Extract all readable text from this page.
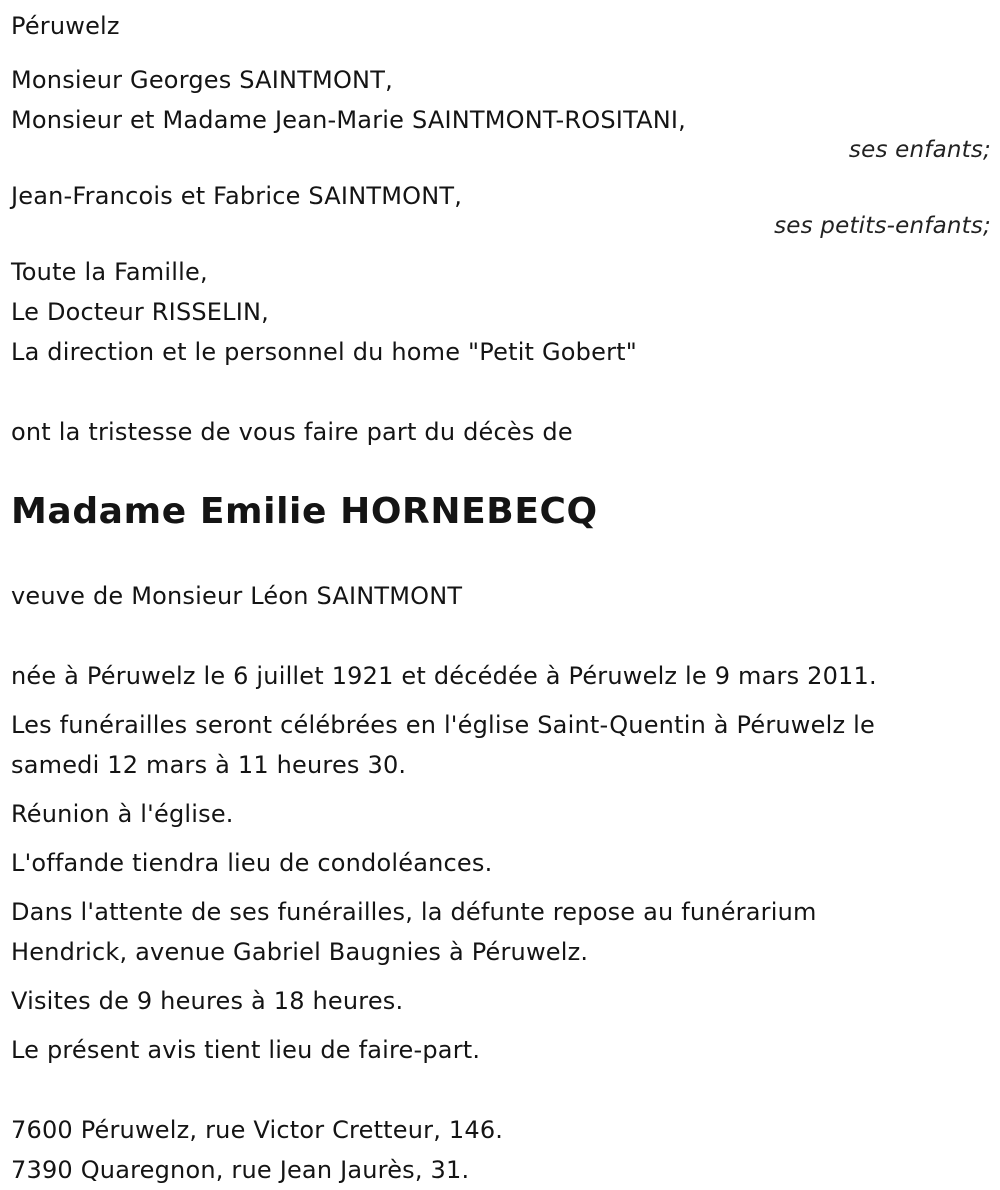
Péruwelz
Monsieur Georges SAINTMONT,
Monsieur et Madame Jean-Marie SAINTMONT-ROSITANI,
ses enfants;
Jean-Francois et Fabrice SAINTMONT,
ses petits-enfants;
Toute la Famille,
Le Docteur RISSELIN,
La direction et le personnel du home "Petit Gobert"
ont la tristesse de vous faire part du décès de
Madame Emilie HORNEBECQ
veuve de Monsieur Léon SAINTMONT
née à Péruwelz le 6 juillet 1921 et décédée à Péruwelz le 9 mars 2011.
Les funérailles seront célébrées en l'église Saint-Quentin à Péruwelz le samedi 12 mars à 11 heures 30.
Réunion à l'église.
L'offande tiendra lieu de condoléances.
Dans l'attente de ses funérailles, la défunte repose au funérarium Hendrick, avenue Gabriel Baugnies à Péruwelz.
Visites de 9 heures à 18 heures.
Le présent avis tient lieu de faire-part.
7600 Péruwelz, rue Victor Cretteur, 146.
7390 Quaregnon, rue Jean Jaurès, 31.
